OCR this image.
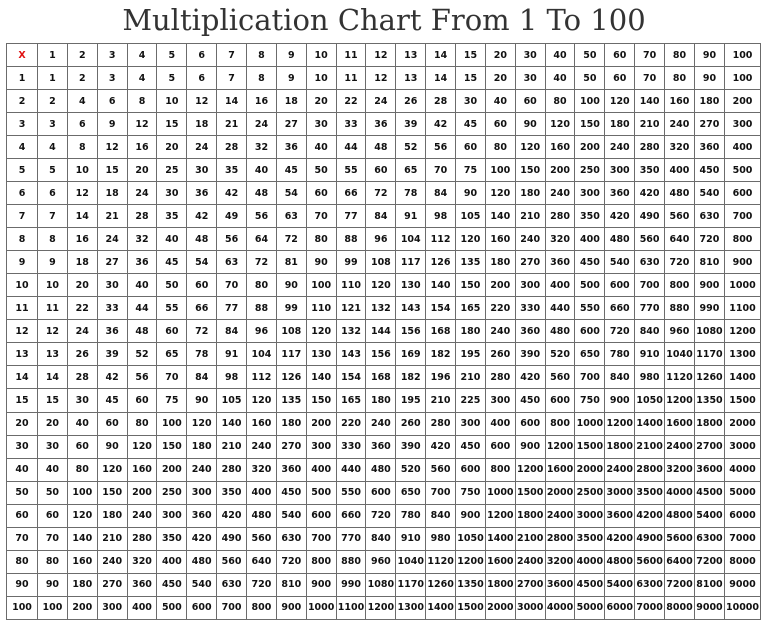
Multiplication Chart From 1 To 100
X	1	2	3	4	5	6	7	8	9	10	11	12	13	14	15	20	30	40	50	60	70	80	90	100
1	1	2	3	4	5	6	7	8	9	10	11	12	13	14	15	20	30	40	50	60	70	80	90	100
2	2	4	6	8	10	12	14	16	18	20	22	24	26	28	30	40	60	80	100	120	140	160	180	200
3	3	6	9	12	15	18	21	24	27	30	33	36	39	42	45	60	90	120	150	180	210	240	270	300
4	4	8	12	16	20	24	28	32	36	40	44	48	52	56	60	80	120	160	200	240	280	320	360	400
5	5	10	15	20	25	30	35	40	45	50	55	60	65	70	75	100	150	200	250	300	350	400	450	500
6	6	12	18	24	30	36	42	48	54	60	66	72	78	84	90	120	180	240	300	360	420	480	540	600
7	7	14	21	28	35	42	49	56	63	70	77	84	91	98	105	140	210	280	350	420	490	560	630	700
8	8	16	24	32	40	48	56	64	72	80	88	96	104	112	120	160	240	320	400	480	560	640	720	800
9	9	18	27	36	45	54	63	72	81	90	99	108	117	126	135	180	270	360	450	540	630	720	810	900
10	10	20	30	40	50	60	70	80	90	100	110	120	130	140	150	200	300	400	500	600	700	800	900	1000
11	11	22	33	44	55	66	77	88	99	110	121	132	143	154	165	220	330	440	550	660	770	880	990	1100
12	12	24	36	48	60	72	84	96	108	120	132	144	156	168	180	240	360	480	600	720	840	960	1080	1200
13	13	26	39	52	65	78	91	104	117	130	143	156	169	182	195	260	390	520	650	780	910	1040	1170	1300
14	14	28	42	56	70	84	98	112	126	140	154	168	182	196	210	280	420	560	700	840	980	1120	1260	1400
15	15	30	45	60	75	90	105	120	135	150	165	180	195	210	225	300	450	600	750	900	1050	1200	1350	1500
20	20	40	60	80	100	120	140	160	180	200	220	240	260	280	300	400	600	800	1000	1200	1400	1600	1800	2000
30	30	60	90	120	150	180	210	240	270	300	330	360	390	420	450	600	900	1200	1500	1800	2100	2400	2700	3000
40	40	80	120	160	200	240	280	320	360	400	440	480	520	560	600	800	1200	1600	2000	2400	2800	3200	3600	4000
50	50	100	150	200	250	300	350	400	450	500	550	600	650	700	750	1000	1500	2000	2500	3000	3500	4000	4500	5000
60	60	120	180	240	300	360	420	480	540	600	660	720	780	840	900	1200	1800	2400	3000	3600	4200	4800	5400	6000
70	70	140	210	280	350	420	490	560	630	700	770	840	910	980	1050	1400	2100	2800	3500	4200	4900	5600	6300	7000
80	80	160	240	320	400	480	560	640	720	800	880	960	1040	1120	1200	1600	2400	3200	4000	4800	5600	6400	7200	8000
90	90	180	270	360	450	540	630	720	810	900	990	1080	1170	1260	1350	1800	2700	3600	4500	5400	6300	7200	8100	9000
100	100	200	300	400	500	600	700	800	900	1000	1100	1200	1300	1400	1500	2000	3000	4000	5000	6000	7000	8000	9000	10000
